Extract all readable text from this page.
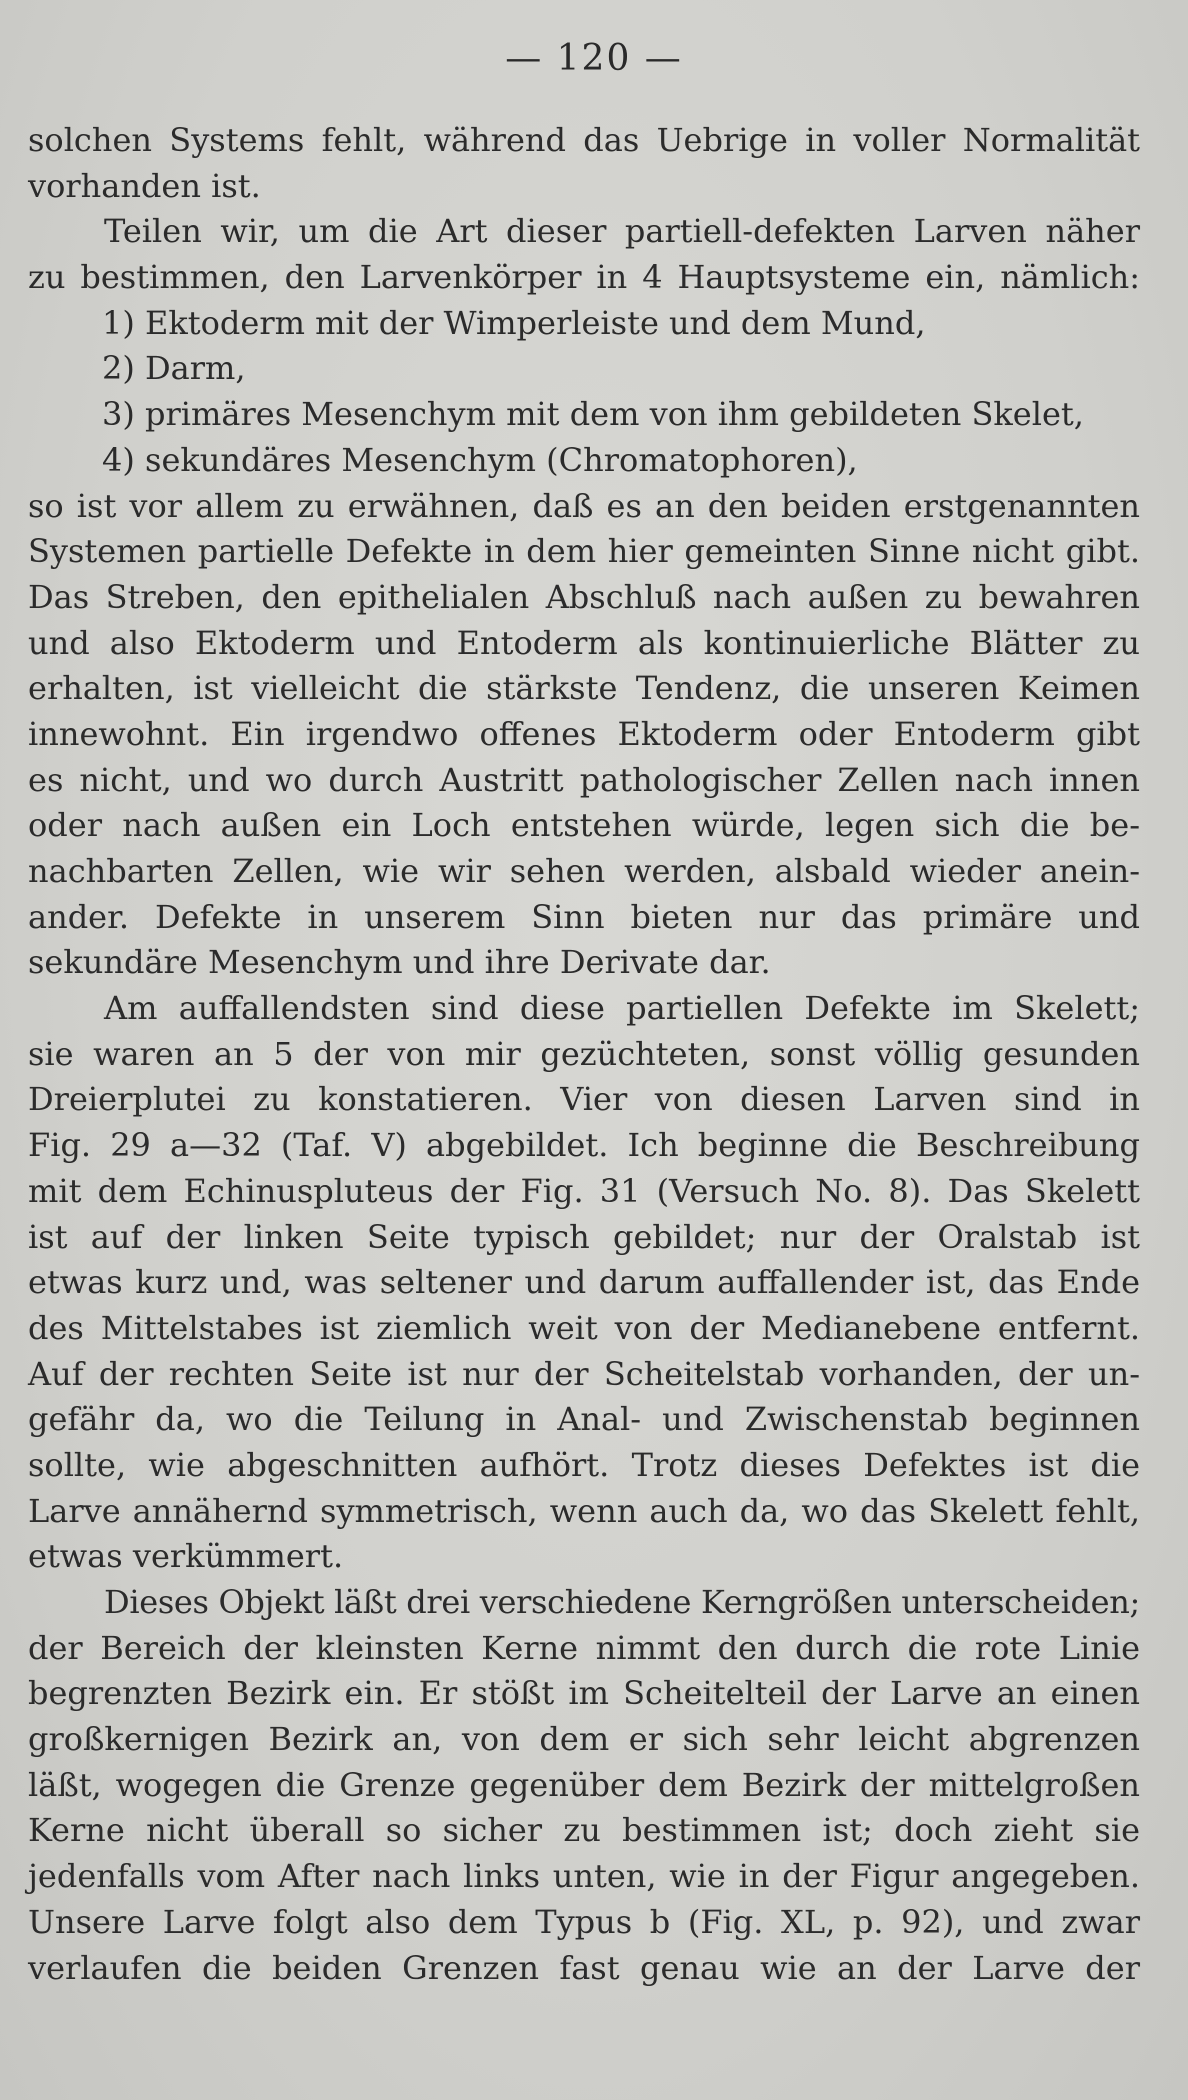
— 120 —
solchen Systems fehlt, während das Uebrige in voller Normalität
vorhanden ist.
Teilen wir, um die Art dieser partiell-defekten Larven näher
zu bestimmen, den Larvenkörper in 4 Hauptsysteme ein, nämlich:
1) Ektoderm mit der Wimperleiste und dem Mund,
2) Darm,
3) primäres Mesenchym mit dem von ihm gebildeten Skelet,
4) sekundäres Mesenchym (Chromatophoren),
so ist vor allem zu erwähnen, daß es an den beiden erstgenannten
Systemen partielle Defekte in dem hier gemeinten Sinne nicht gibt.
Das Streben, den epithelialen Abschluß nach außen zu bewahren
und also Ektoderm und Entoderm als kontinuierliche Blätter zu
erhalten, ist vielleicht die stärkste Tendenz, die unseren Keimen
innewohnt. Ein irgendwo offenes Ektoderm oder Entoderm gibt
es nicht, und wo durch Austritt pathologischer Zellen nach innen
oder nach außen ein Loch entstehen würde, legen sich die be-
nachbarten Zellen, wie wir sehen werden, alsbald wieder anein-
ander. Defekte in unserem Sinn bieten nur das primäre und
sekundäre Mesenchym und ihre Derivate dar.
Am auffallendsten sind diese partiellen Defekte im Skelett;
sie waren an 5 der von mir gezüchteten, sonst völlig gesunden
Dreierplutei zu konstatieren. Vier von diesen Larven sind in
Fig. 29 a—32 (Taf. V) abgebildet. Ich beginne die Beschreibung
mit dem Echinuspluteus der Fig. 31 (Versuch No. 8). Das Skelett
ist auf der linken Seite typisch gebildet; nur der Oralstab ist
etwas kurz und, was seltener und darum auffallender ist, das Ende
des Mittelstabes ist ziemlich weit von der Medianebene entfernt.
Auf der rechten Seite ist nur der Scheitelstab vorhanden, der un-
gefähr da, wo die Teilung in Anal- und Zwischenstab beginnen
sollte, wie abgeschnitten aufhört. Trotz dieses Defektes ist die
Larve annähernd symmetrisch, wenn auch da, wo das Skelett fehlt,
etwas verkümmert.
Dieses Objekt läßt drei verschiedene Kerngrößen unterscheiden;
der Bereich der kleinsten Kerne nimmt den durch die rote Linie
begrenzten Bezirk ein. Er stößt im Scheitelteil der Larve an einen
großkernigen Bezirk an, von dem er sich sehr leicht abgrenzen
läßt, wogegen die Grenze gegenüber dem Bezirk der mittelgroßen
Kerne nicht überall so sicher zu bestimmen ist; doch zieht sie
jedenfalls vom After nach links unten, wie in der Figur angegeben.
Unsere Larve folgt also dem Typus b (Fig. XL, p. 92), und zwar
verlaufen die beiden Grenzen fast genau wie an der Larve der
